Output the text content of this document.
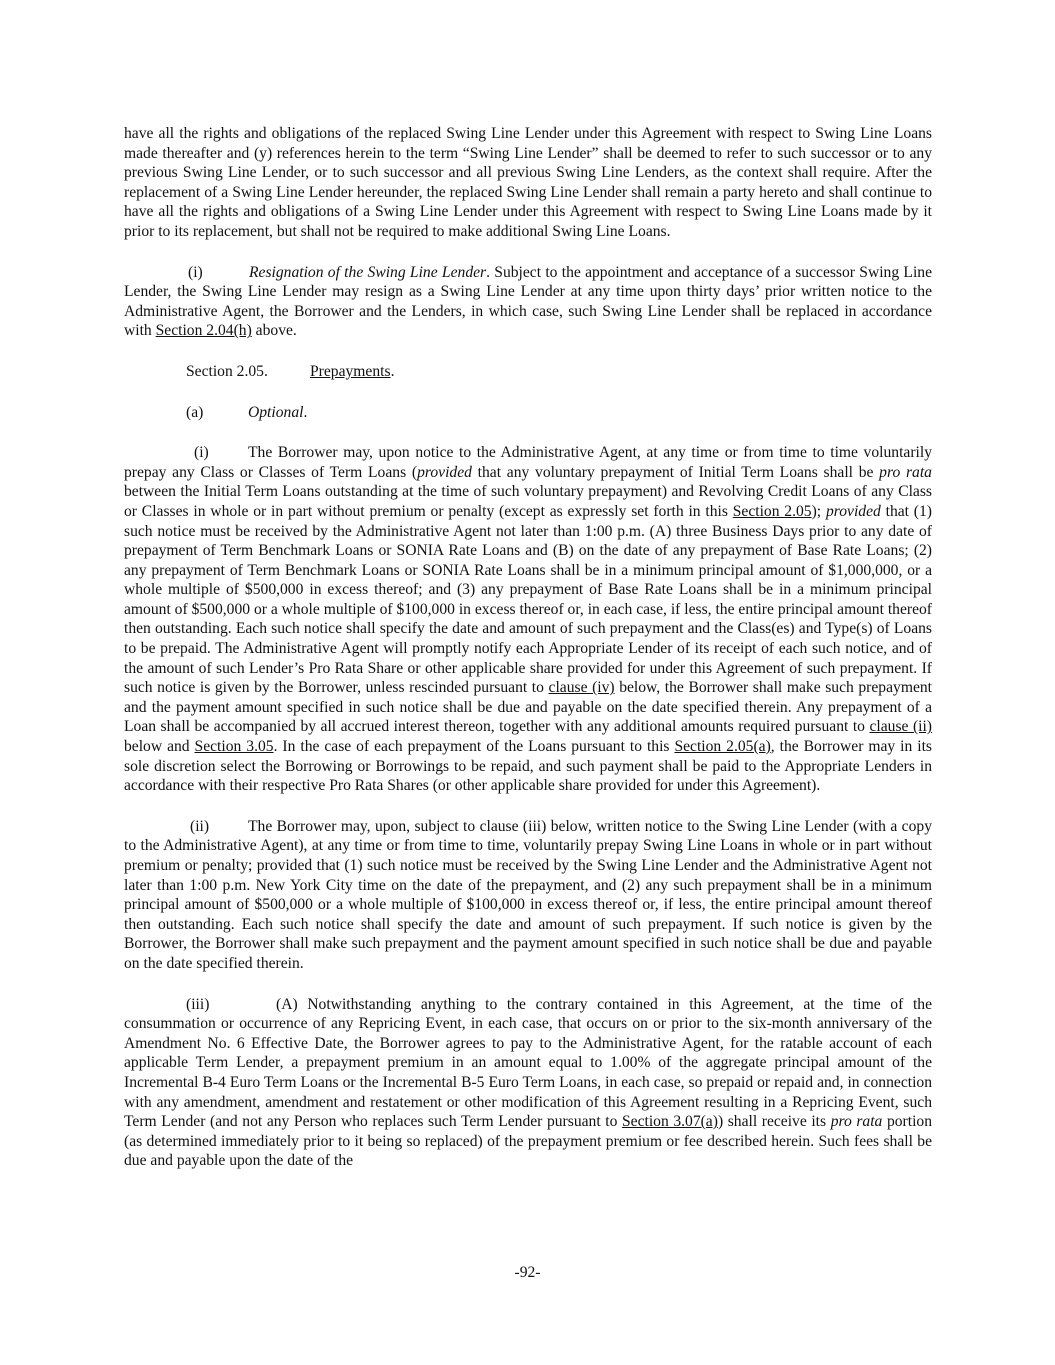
have all the rights and obligations of the replaced Swing Line Lender under this Agreement with respect to Swing Line Loans made thereafter and (y) references herein to the term “Swing Line Lender” shall be deemed to refer to such successor or to any previous Swing Line Lender, or to such successor and all previous Swing Line Lenders, as the context shall require. After the replacement of a Swing Line Lender hereunder, the replaced Swing Line Lender shall remain a party hereto and shall continue to have all the rights and obligations of a Swing Line Lender under this Agreement with respect to Swing Line Loans made by it prior to its replacement, but shall not be required to make additional Swing Line Loans.

(i)	Resignation of the Swing Line Lender. Subject to the appointment and acceptance of a successor Swing Line Lender, the Swing Line Lender may resign as a Swing Line Lender at any time upon thirty days’ prior written notice to the Administrative Agent, the Borrower and the Lenders, in which case, such Swing Line Lender shall be replaced in accordance with Section 2.04(h) above.

Section 2.05.	Prepayments.

(a)	Optional.

(i)	The Borrower may, upon notice to the Administrative Agent, at any time or from time to time voluntarily prepay any Class or Classes of Term Loans (provided that any voluntary prepayment of Initial Term Loans shall be pro rata between the Initial Term Loans outstanding at the time of such voluntary prepayment) and Revolving Credit Loans of any Class or Classes in whole or in part without premium or penalty (except as expressly set forth in this Section 2.05); provided that (1) such notice must be received by the Administrative Agent not later than 1:00 p.m. (A) three Business Days prior to any date of prepayment of Term Benchmark Loans or SONIA Rate Loans and (B) on the date of any prepayment of Base Rate Loans; (2) any prepayment of Term Benchmark Loans or SONIA Rate Loans shall be in a minimum principal amount of $1,000,000, or a whole multiple of $500,000 in excess thereof; and (3) any prepayment of Base Rate Loans shall be in a minimum principal amount of $500,000 or a whole multiple of $100,000 in excess thereof or, in each case, if less, the entire principal amount thereof then outstanding. Each such notice shall specify the date and amount of such prepayment and the Class(es) and Type(s) of Loans to be prepaid. The Administrative Agent will promptly notify each Appropriate Lender of its receipt of each such notice, and of the amount of such Lender’s Pro Rata Share or other applicable share provided for under this Agreement of such prepayment. If such notice is given by the Borrower, unless rescinded pursuant to clause (iv) below, the Borrower shall make such prepayment and the payment amount specified in such notice shall be due and payable on the date specified therein. Any prepayment of a Loan shall be accompanied by all accrued interest thereon, together with any additional amounts required pursuant to clause (ii) below and Section 3.05. In the case of each prepayment of the Loans pursuant to this Section 2.05(a), the Borrower may in its sole discretion select the Borrowing or Borrowings to be repaid, and such payment shall be paid to the Appropriate Lenders in accordance with their respective Pro Rata Shares (or other applicable share provided for under this Agreement).

(ii) The Borrower may, upon, subject to clause (iii) below, written notice to the Swing Line Lender (with a copy to the Administrative Agent), at any time or from time to time, voluntarily prepay Swing Line Loans in whole or in part without premium or penalty; provided that (1) such notice must be received by the Swing Line Lender and the Administrative Agent not later than 1:00 p.m. New York City time on the date of the prepayment, and (2) any such prepayment shall be in a minimum principal amount of $500,000 or a whole multiple of $100,000 in excess thereof or, if less, the entire principal amount thereof then outstanding. Each such notice shall specify the date and amount of such prepayment. If such notice is given by the Borrower, the Borrower shall make such prepayment and the payment amount specified in such notice shall be due and payable on the date specified therein.

(iii)	(A) Notwithstanding anything to the contrary contained in this Agreement, at the time of the consummation or occurrence of any Repricing Event, in each case, that occurs on or prior to the six-month anniversary of the Amendment No. 6 Effective Date, the Borrower agrees to pay to the Administrative Agent, for the ratable account of each applicable Term Lender, a prepayment premium in an amount equal to 1.00% of the aggregate principal amount of the Incremental B-4 Euro Term Loans or the Incremental B-5 Euro Term Loans, in each case, so prepaid or repaid and, in connection with any amendment, amendment and restatement or other modification of this Agreement resulting in a Repricing Event, such Term Lender (and not any Person who replaces such Term Lender pursuant to Section 3.07(a)) shall receive its pro rata portion (as determined immediately prior to it being so replaced) of the prepayment premium or fee described herein. Such fees shall be due and payable upon the date of the

-92-
